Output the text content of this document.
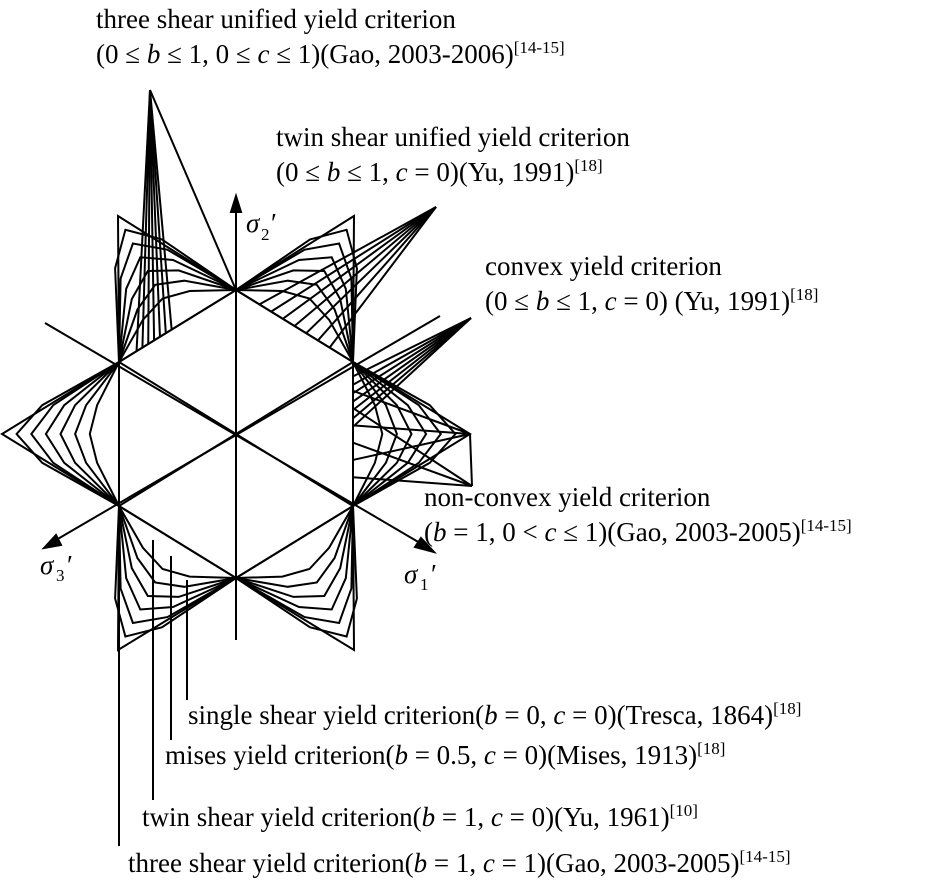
σ 2 ′
σ 1 ′
σ 3 ′
three shear unified yield criterion
(0 ≤ b ≤ 1, 0 ≤ c ≤ 1)(Gao, 2003-2006)[14-15]
twin shear unified yield criterion
(0 ≤ b ≤ 1, c = 0)(Yu, 1991)[18]
convex yield criterion
(0 ≤ b ≤ 1, c = 0) (Yu, 1991)[18]
non-convex yield criterion
(b = 1, 0 < c ≤ 1)(Gao, 2003-2005)[14-15]
single shear yield criterion(b = 0, c = 0)(Tresca, 1864)[18]
mises yield criterion(b = 0.5, c = 0)(Mises, 1913)[18]
twin shear yield criterion(b = 1, c = 0)(Yu, 1961)[10]
three shear yield criterion(b = 1, c = 1)(Gao, 2003-2005)[14-15]
